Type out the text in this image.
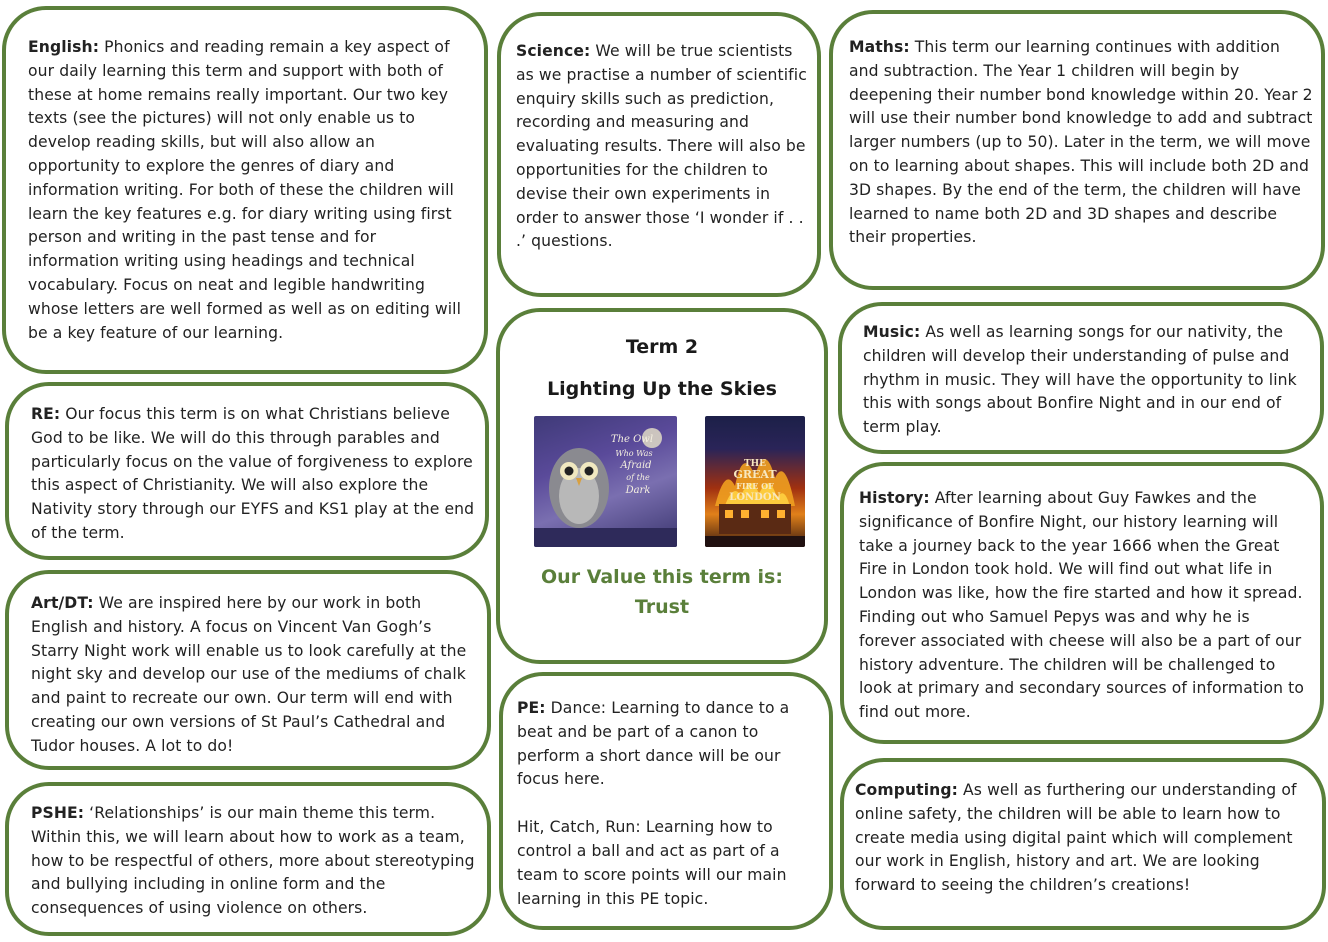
English: Phonics and reading remain a key aspect of our daily learning this term and support with both of these at home remains really important. Our two key texts (see the pictures) will not only enable us to develop reading skills, but will also allow an opportunity to explore the genres of diary and information writing. For both of these the children will learn the key features e.g. for diary writing using first person and writing in the past tense and for information writing using headings and technical vocabulary. Focus on neat and legible handwriting whose letters are well formed as well as on editing will be a key feature of our learning.
Science: We will be true scientists as we practise a number of scientific enquiry skills such as prediction, recording and measuring and evaluating results. There will also be opportunities for the children to devise their own experiments in order to answer those ‘I wonder if . . .’ questions.
Maths: This term our learning continues with addition and subtraction. The Year 1 children will begin by deepening their number bond knowledge within 20. Year 2 will use their number bond knowledge to add and subtract larger numbers (up to 50). Later in the term, we will move on to learning about shapes. This will include both 2D and 3D shapes. By the end of the term, the children will have learned to name both 2D and 3D shapes and describe their properties.
RE: Our focus this term is on what Christians believe God to be like. We will do this through parables and particularly focus on the value of forgiveness to explore this aspect of Christianity. We will also explore the Nativity story through our EYFS and KS1 play at the end of the term.
Term 2
Lighting Up the Skies
The Owl
Who Was
Afraid
of the
Dark
THE
GREAT
FIRE OF
LONDON
Our Value this term is:
Trust
Music: As well as learning songs for our nativity, the children will develop their understanding of pulse and rhythm in music. They will have the opportunity to link this with songs about Bonfire Night and in our end of term play.
Art/DT: We are inspired here by our work in both English and history. A focus on Vincent Van Gogh’s Starry Night work will enable us to look carefully at the night sky and develop our use of the mediums of chalk and paint to recreate our own. Our term will end with creating our own versions of St Paul’s Cathedral and Tudor houses. A lot to do!
History: After learning about Guy Fawkes and the significance of Bonfire Night, our history learning will take a journey back to the year 1666 when the Great Fire in London took hold. We will find out what life in London was like, how the fire started and how it spread. Finding out who Samuel Pepys was and why he is forever associated with cheese will also be a part of our history adventure. The children will be challenged to look at primary and secondary sources of information to find out more.
PE: Dance: Learning to dance to a beat and be part of a canon to perform a short dance will be our focus here.
Hit, Catch, Run: Learning how to control a ball and act as part of a team to score points will our main learning in this PE topic.
PSHE: ‘Relationships’ is our main theme this term. Within this, we will learn about how to work as a team, how to be respectful of others, more about stereotyping and bullying including in online form and the consequences of using violence on others.
Computing: As well as furthering our understanding of online safety, the children will be able to learn how to create media using digital paint which will complement our work in English, history and art. We are looking forward to seeing the children’s creations!
